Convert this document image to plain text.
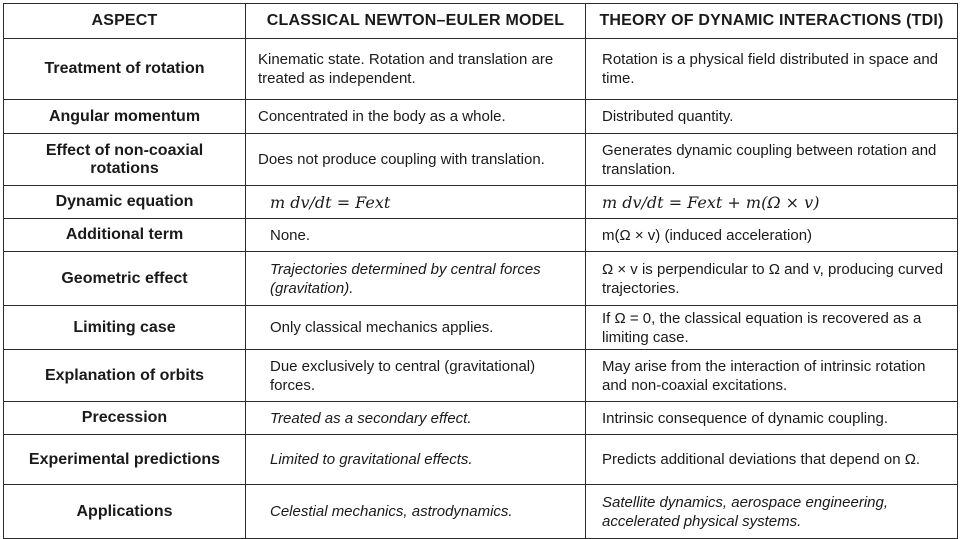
ASPECT	CLASSICAL NEWTON–EULER MODEL	THEORY OF DYNAMIC INTERACTIONS (TDI)
Treatment of rotation	Kinematic state. Rotation and translation are treated as independent.	Rotation is a physical field distributed in space and time.
Angular momentum	Concentrated in the body as a whole.	Distributed quantity.
Effect of non-coaxial rotations	Does not produce coupling with translation.	Generates dynamic coupling between rotation and translation.
Dynamic equation	m dv/dt = Fext	m dv/dt = Fext + m(Ω × v)
Additional term	None.	m(Ω × v) (induced acceleration)
Geometric effect	Trajectories determined by central forces (gravitation).	Ω × v is perpendicular to Ω and v, producing curved trajectories.
Limiting case	Only classical mechanics applies.	If Ω = 0, the classical equation is recovered as a limiting case.
Explanation of orbits	Due exclusively to central (gravitational) forces.	May arise from the interaction of intrinsic rotation and non-coaxial excitations.
Precession	Treated as a secondary effect.	Intrinsic consequence of dynamic coupling.
Experimental predictions	Limited to gravitational effects.	Predicts additional deviations that depend on Ω.
Applications	Celestial mechanics, astrodynamics.	Satellite dynamics, aerospace engineering, accelerated physical systems.
